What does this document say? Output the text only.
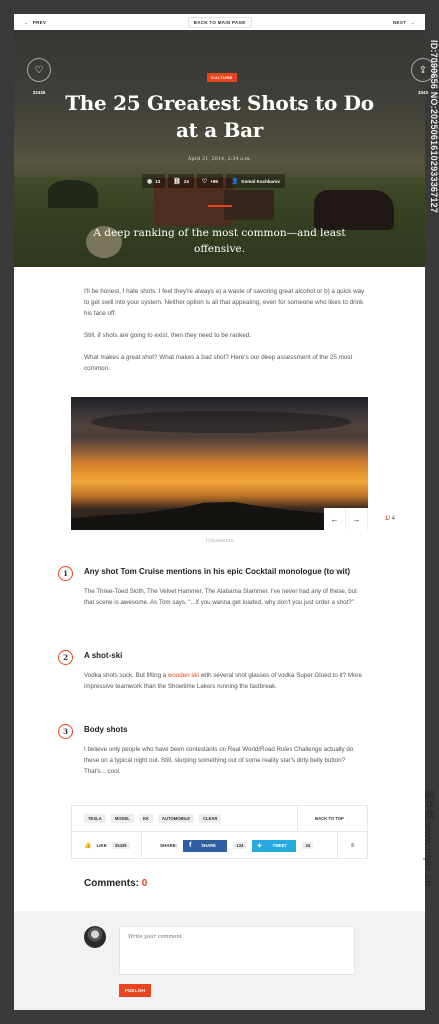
← PREV	BACK TO MAIN PAGE	NEXT →
♡
32435
⇪
3343
CULTURE
The 25 Greatest Shots to Do at a Bar
April 21, 2014, 2:34 a.m.
◉ 13 ⛓ 24 ♡ +89 👤 Komol Kuchkarov
A deep ranking of the most common—and least offensive.

I'll be honest, I hate shots. I feel they're always a) a waste of savoring great alcohol or b) a quick way to get swill into your system. Neither option is all that appealing, even for someone who likes to drink his face off.

Still, if shots are going to exist, then they need to be ranked.

What makes a great shot? What makes a bad shot? Here's our deep assessment of the 25 most common.

← →	1 / 4
Uzbekistan
1	Any shot Tom Cruise mentions in his epic Cocktail monologue (to wit)

The Three-Toed Sloth, The Velvet Hammer, The Alabama Slammer. I've never had any of these, but that scene is awesome. As Tom says, "...if you wanna get loaded, why don't you just order a shot?"

2	A shot-ski

Vodka shots suck. But lifting a wooden ski with several shot glasses of vodka Super Glued to it? More impressive teamwork than the Showtime Lakers running the fastbreak.

3	Body shots

I believe only people who have been contestants on Real World/Road Rules Challenge actually do these on a typical night out. Still, slurping something out of some reality star's dirty belly button? That's... cool.

TESLA	MODEL	KK	AUTOMOBILE	CLEAR	BACK TO TOP ↑
👍 LIKE	32435	SHARE:	f	SHARE	134	✦	TWEET	34	≡
Comments: 0
Write your comment
PUBLISH
ID:7090656 NO:20250616102933367127
昵享网 www.nipic.cn
